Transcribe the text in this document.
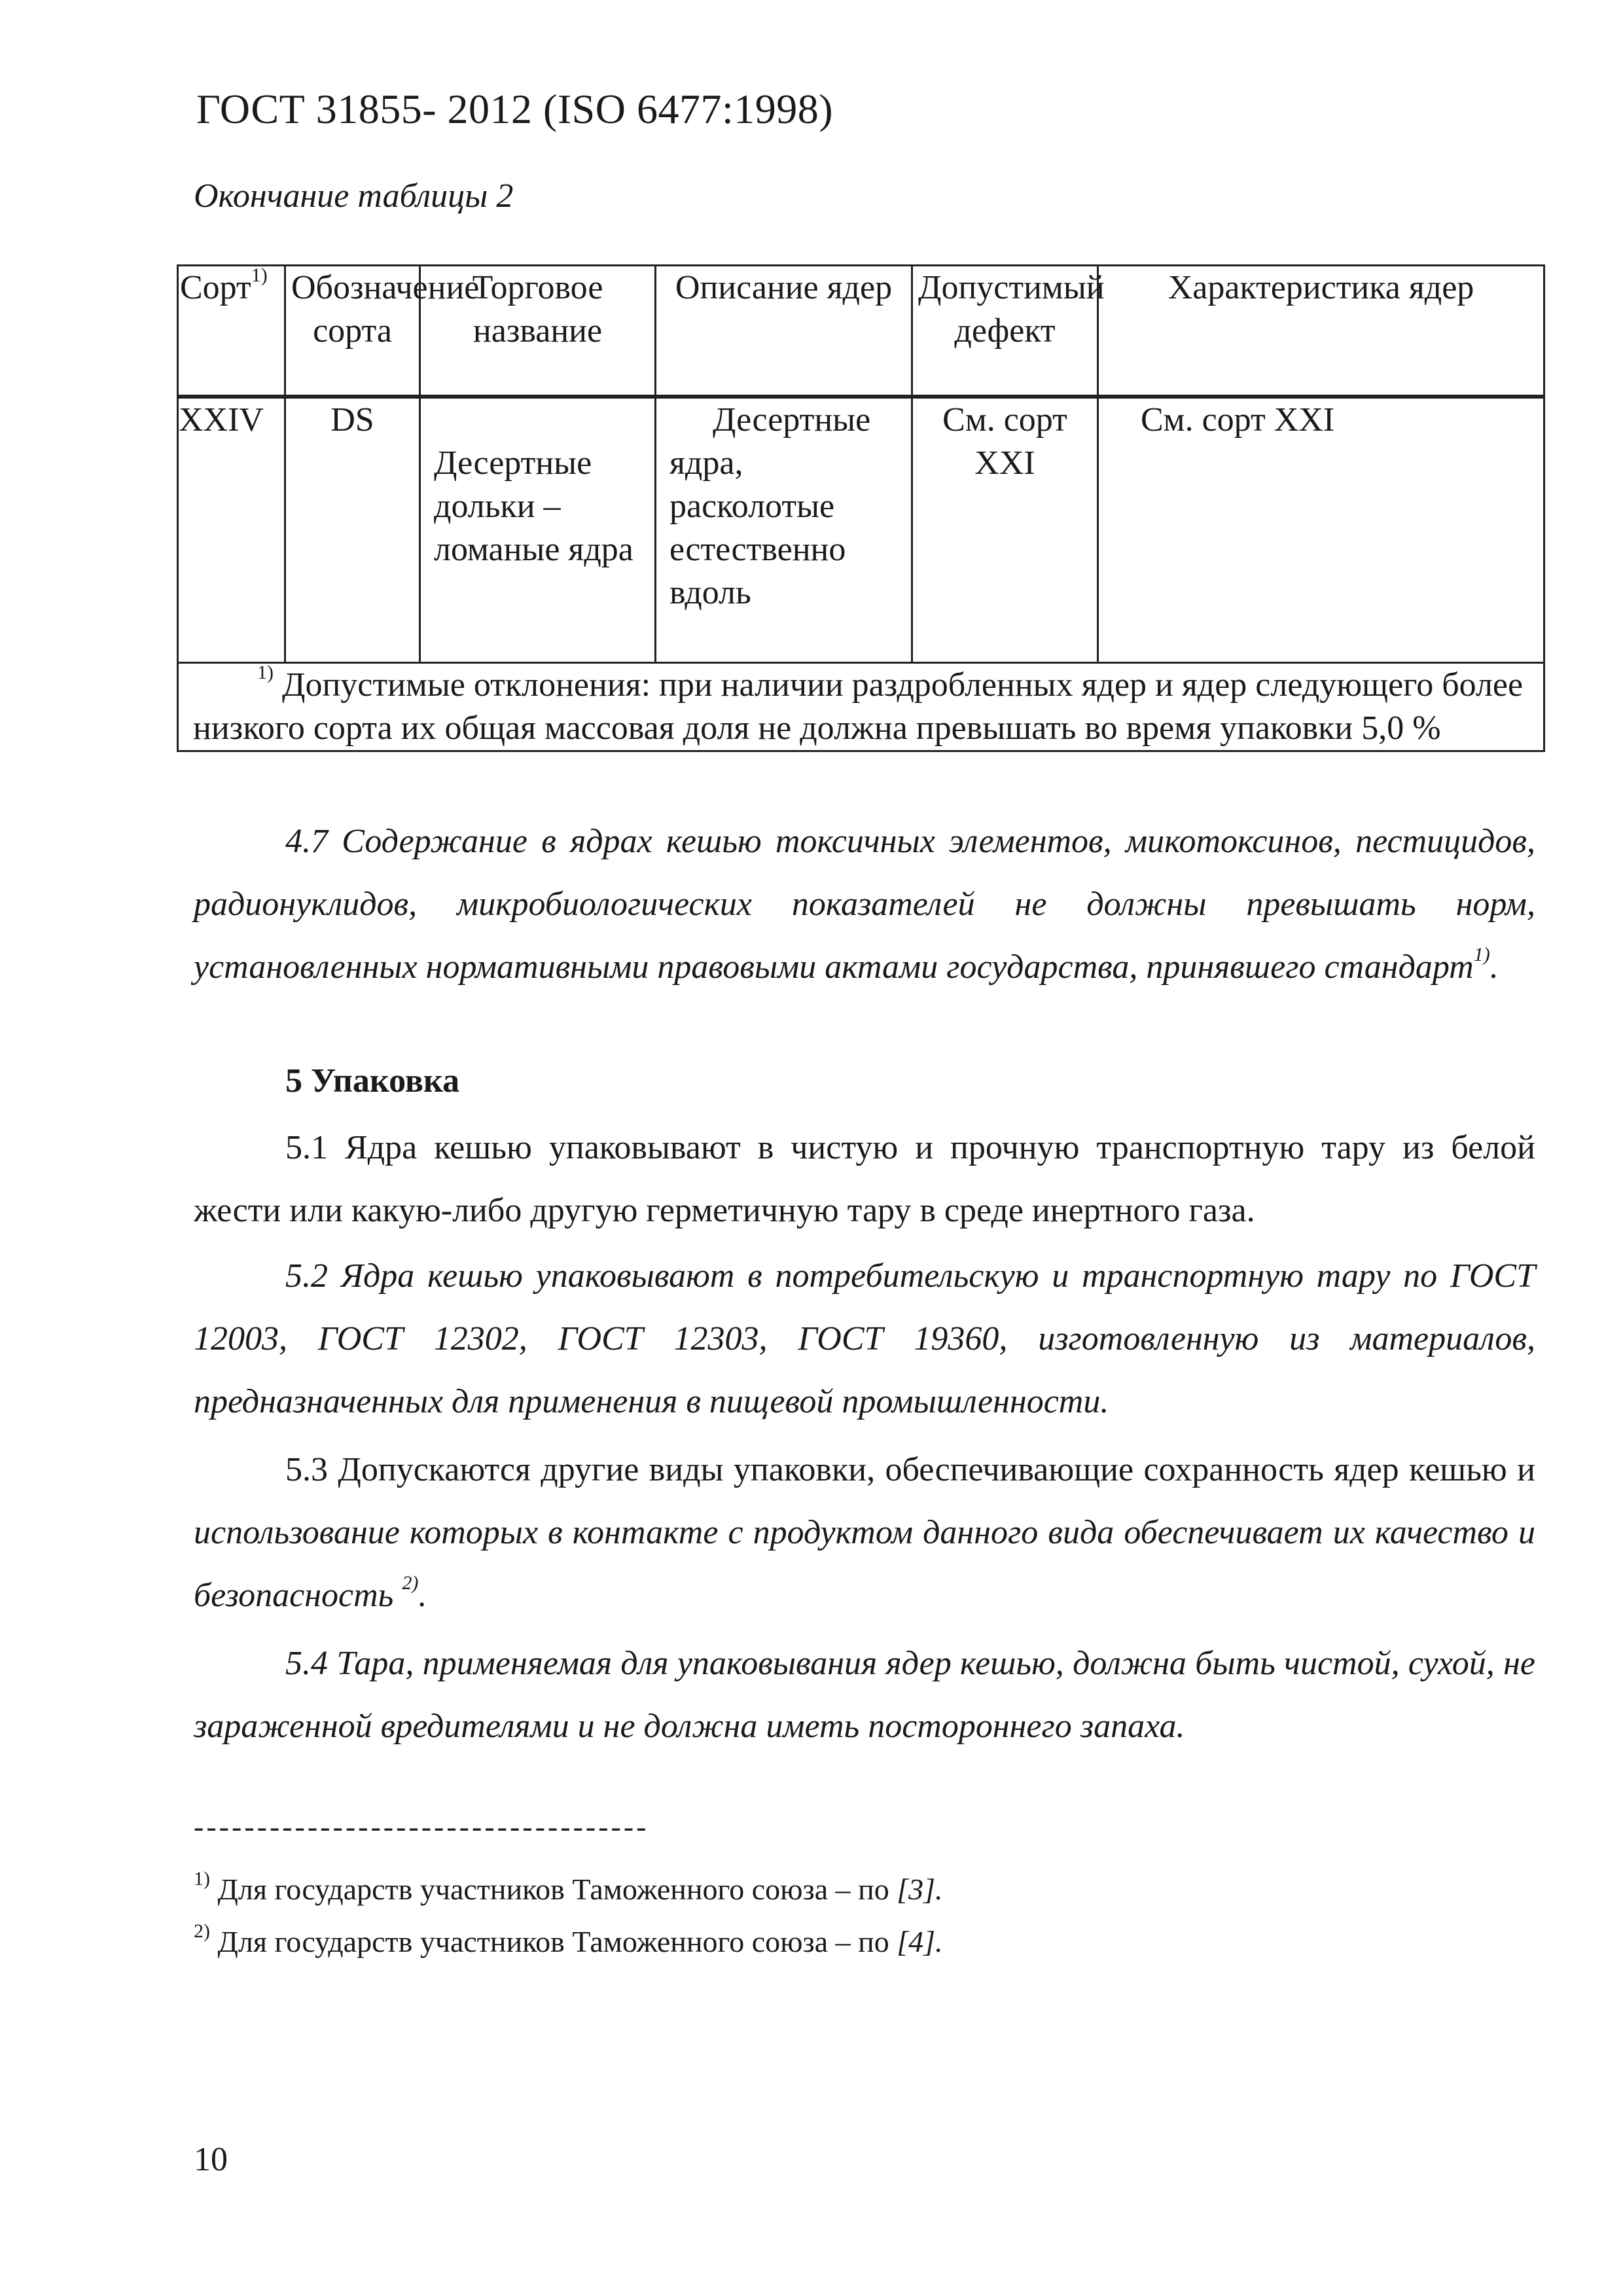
ГОСТ 31855- 2012 (ISO 6477:1998)
Окончание таблицы 2
Сорт$^{1)}$	Обозначение сорта	Торговое название	Описание ядер	Допустимый дефект	Характеристика ядер
XXIV	DS	Десертные дольки – ломаные ядра	Десертные ядра, расколотые естественно вдоль	См. сорт XXI	См. сорт XXI

$^{1)}$ Допустимые отклонения: при наличии раздробленных ядер и ядер следующего более низкого сорта их общая массовая доля не должна превышать во время упаковки 5,0 %					
4.7 Содержание в ядрах кешью токсичных элементов, микотоксинов, пестицидов, радионуклидов, микробиологических показателей не должны превышать норм, установленных нормативными правовыми актами государства, принявшего стандарт$^{1)}$.
5 Упаковка
5.1 Ядра кешью упаковывают в чистую и прочную транспортную тару из белой жести или какую-либо другую герметичную тару в среде инертного газа.
5.2 Ядра кешью упаковывают в потребительскую и транспортную тару по ГОСТ 12003, ГОСТ 12302, ГОСТ 12303, ГОСТ 19360, изготовленную из материалов, предназначенных для применения в пищевой промышленности.
5.3 Допускаются другие виды упаковки, обеспечивающие сохранность ядер кешью и использование которых в контакте с продуктом данного вида обеспечивает их качество и безопасность $^{2)}$.
5.4 Тара, применяемая для упаковывания ядер кешью, должна быть чистой, сухой, не зараженной вредителями и не должна иметь постороннего запаха.
------------------------------------
$^{1)}$ Для государств участников Таможенного союза – по [3].
$^{2)}$ Для государств участников Таможенного союза – по [4].
10
